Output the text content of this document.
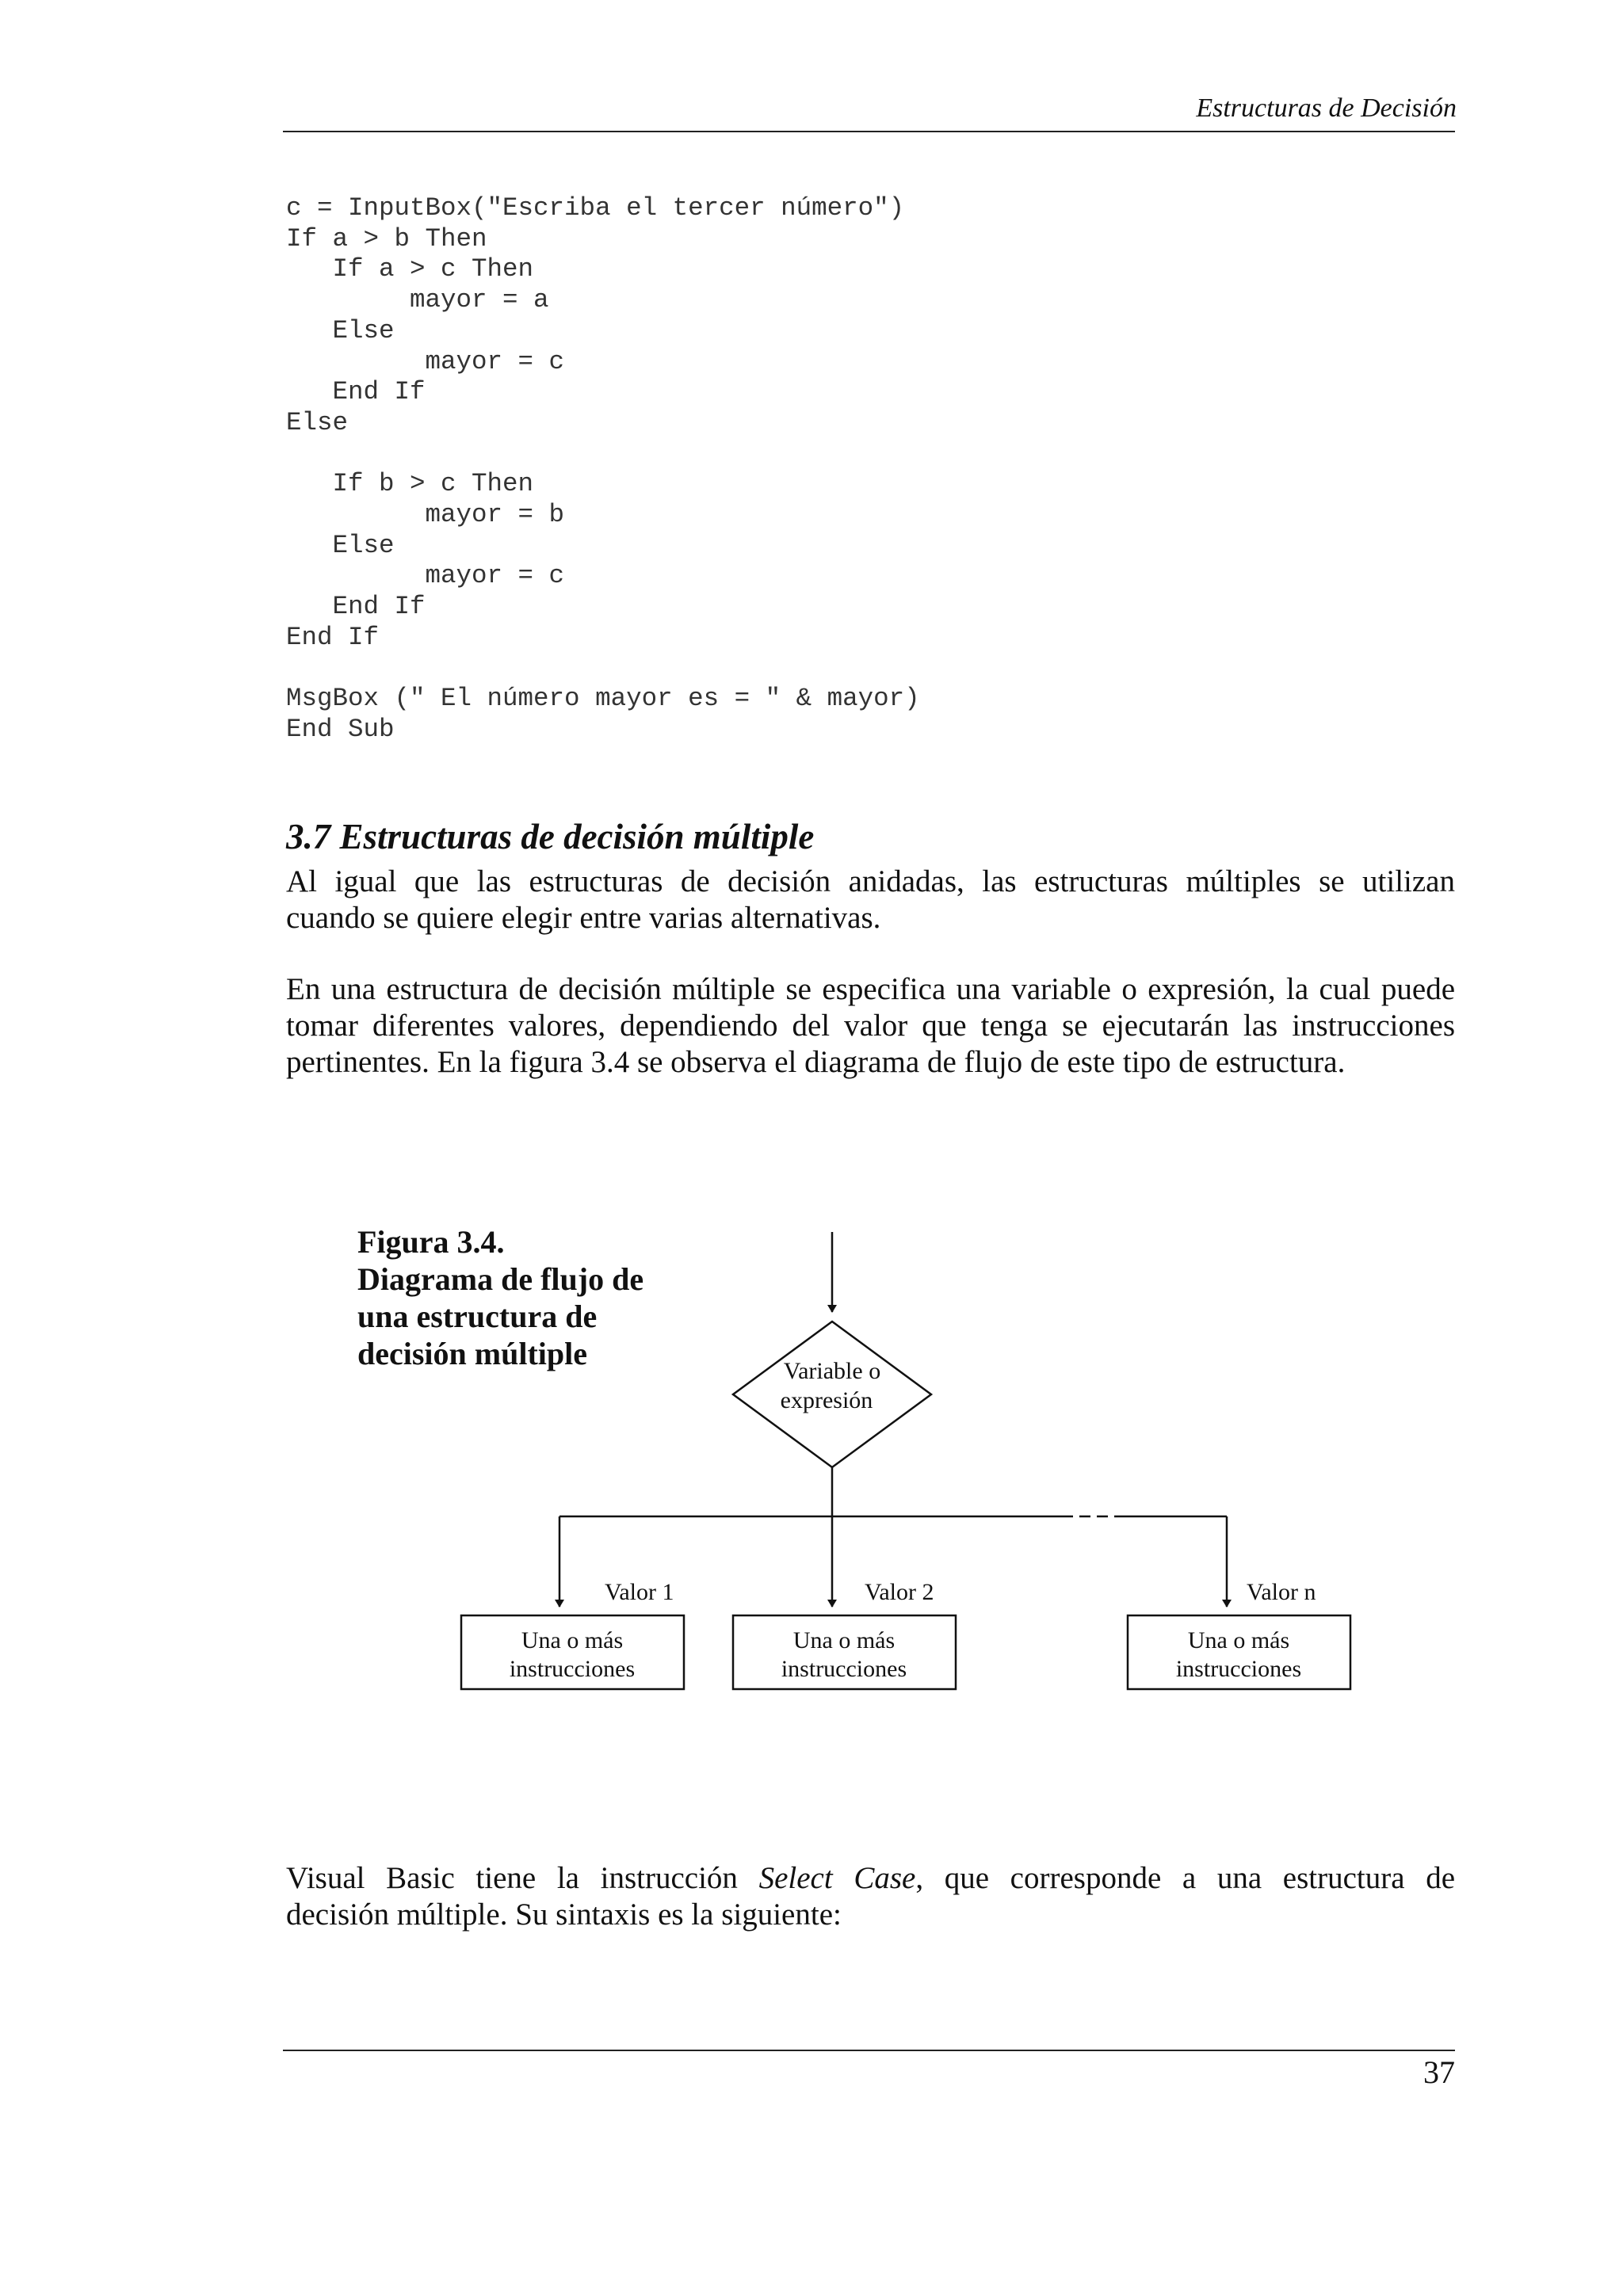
Estructuras de Decisión
c = InputBox("Escriba el tercer número")
If a > b Then
If a > c Then
mayor = a
Else
mayor = c
End If
Else

If b > c Then
mayor = b
Else
mayor = c
End If
End If

MsgBox (" El número mayor es = " & mayor)
End Sub

3.7 Estructuras de decisión múltiple
Al igual que las estructuras de decisión anidadas, las estructuras múltiples se utilizan
cuando se quiere elegir entre varias alternativas.
En una estructura de decisión múltiple se especifica una variable o expresión, la cual puede
tomar diferentes valores, dependiendo del valor que tenga se ejecutarán las instrucciones
pertinentes. En la figura 3.4 se observa el diagrama de flujo de este tipo de estructura.
Figura 3.4.
Diagrama de flujo de
una estructura de
decisión múltiple	Variable o
expresión
Valor 1	Valor 2	Valor n
Una o más
instrucciones
Una o más
instrucciones
Una o más
instrucciones
Visual Basic tiene la instrucción Select Case, que corresponde a una estructura de
decisión múltiple. Su sintaxis es la siguiente:
37
